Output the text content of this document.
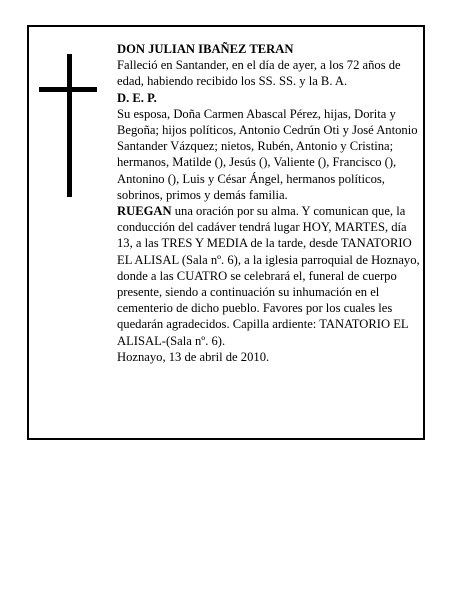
DON JULIAN IBAÑEZ TERAN

Falleció en Santander, en el día de ayer, a los 72 años de edad, habiendo recibido los SS. SS. y la B. A.

D. E. P.

Su esposa, Doña Carmen Abascal Pérez, hijas, Dorita y Begoña; hijos políticos, Antonio Cedrún Oti y José Antonio Santander Vázquez; nietos, Rubén, Antonio y Cristina; hermanos, Matilde (), Jesús (), Valiente (), Francisco (), Antonino (), Luis y César Ángel, hermanos políticos, sobrinos, primos y demás familia.

RUEGAN una oración por su alma. Y comunican que, la conducción del cadáver tendrá lugar HOY, MARTES, día 13, a las TRES Y MEDIA de la tarde, desde TANATORIO EL ALISAL (Sala nº. 6), a la iglesia parroquial de Hoznayo, donde a las CUATRO se celebrará el, funeral de cuerpo presente, siendo a continuación su inhumación en el cementerio de dicho pueblo. Favores por los cuales les quedarán agradecidos. Capilla ardiente: TANATORIO EL ALISAL-(Sala nº. 6).

Hoznayo, 13 de abril de 2010.
